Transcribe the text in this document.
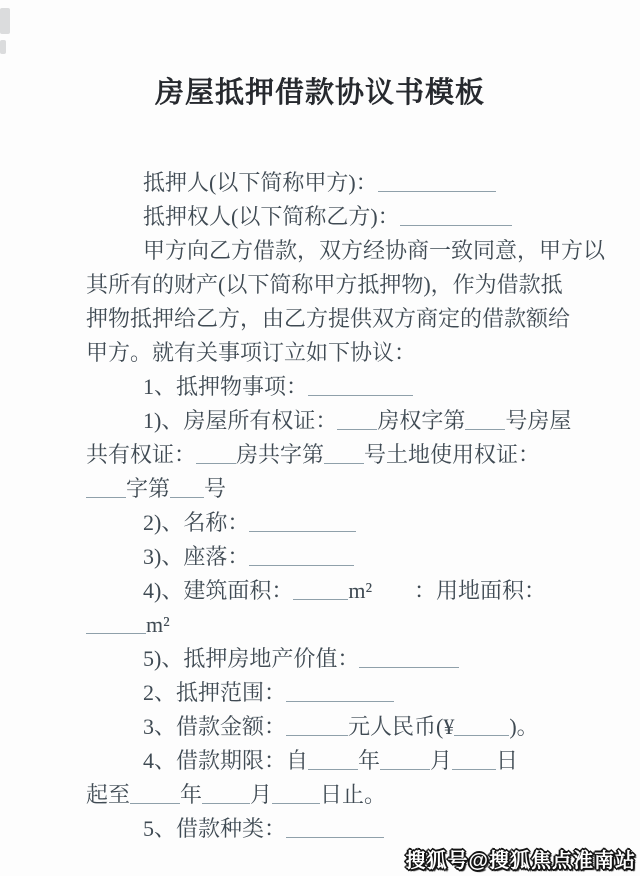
房屋抵押借款协议书模板
抵押人(以下简称甲方)：
抵押权人(以下简称乙方)：
甲方向乙方借款，双方经协商一致同意，甲方以
其所有的财产(以下简称甲方抵押物)，作为借款抵
押物抵押给乙方，由乙方提供双方商定的借款额给
甲方。就有关事项订立如下协议：
1、抵押物事项：
1)、房屋所有权证： 房权字第 号房屋
共有权证： 房共字第 号土地使用权证：
字第 号
2)、名称：
3)、座落：
4)、建筑面积：	m² ：用地面积：
m²
5)、抵押房地产价值：
2、抵押范围：
3、借款金额：	元人民币(¥	)。
4、借款期限：自 年 月 日
起至 年 月 日止。
5、借款种类：
搜狐号@搜狐焦点淮南站
